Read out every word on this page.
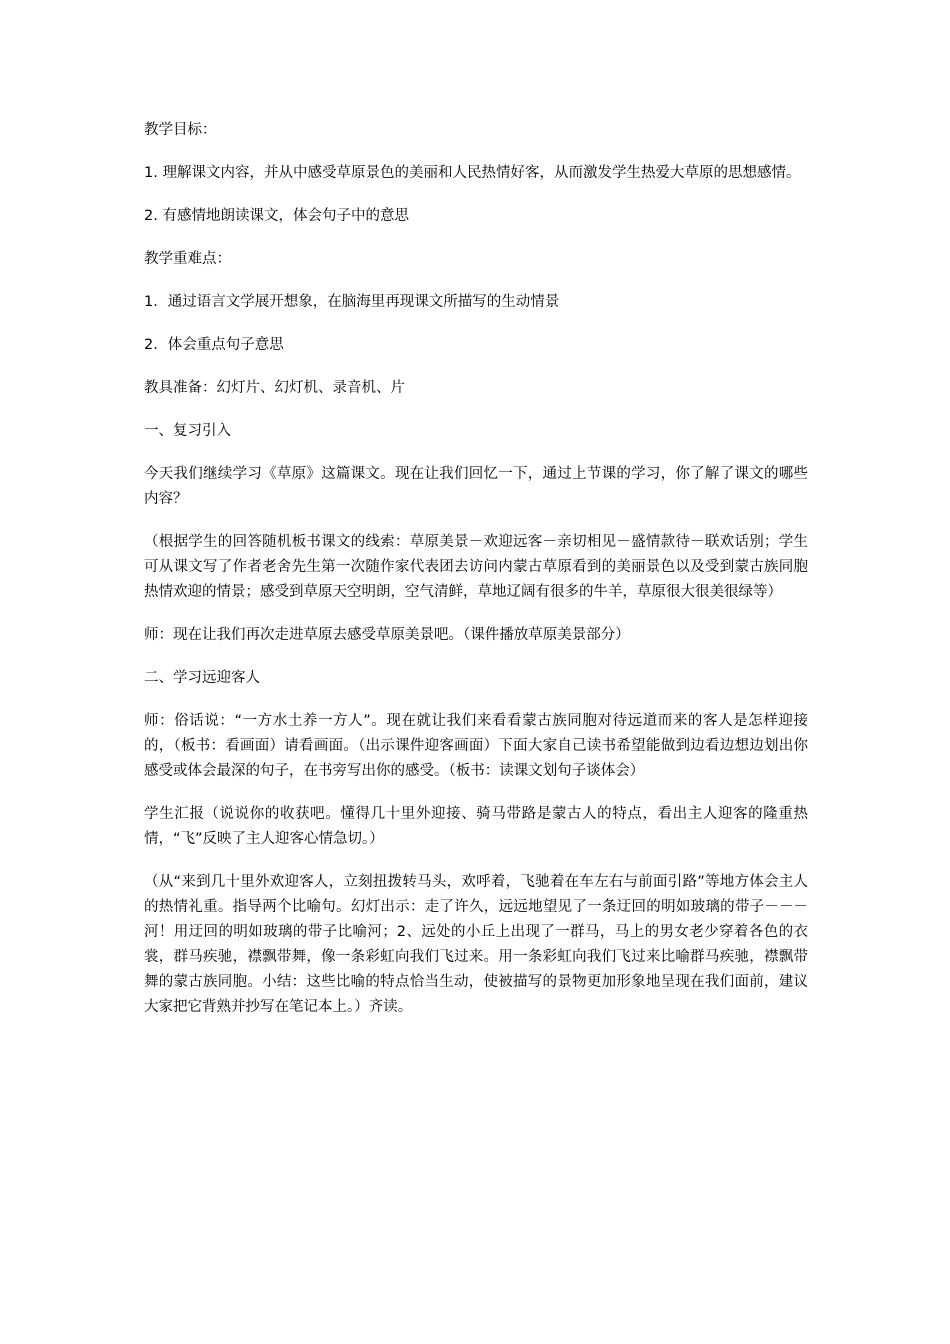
教学目标：

1. 理解课文内容，并从中感受草原景色的美丽和人民热情好客，从而激发学生热爱大草原的思想感情。

2. 有感情地朗读课文，体会句子中的意思

教学重难点：

1．通过语言文学展开想象，在脑海里再现课文所描写的生动情景

2．体会重点句子意思

教具准备：幻灯片、幻灯机、录音机、片

一、复习引入

今天我们继续学习《草原》这篇课文。现在让我们回忆一下，通过上节课的学习，你了解了课文的哪些内容？

（根据学生的回答随机板书课文的线索：草原美景－欢迎远客－亲切相见－盛情款待－联欢话别；学生可从课文写了作者老舍先生第一次随作家代表团去访问内蒙古草原看到的美丽景色以及受到蒙古族同胞热情欢迎的情景；感受到草原天空明朗，空气清鲜，草地辽阔有很多的牛羊，草原很大很美很绿等）

师：现在让我们再次走进草原去感受草原美景吧。（课件播放草原美景部分）

二、学习远迎客人

师：俗话说：“一方水土养一方人”。现在就让我们来看看蒙古族同胞对待远道而来的客人是怎样迎接的，（板书：看画面）请看画面。（出示课件迎客画面）下面大家自己读书希望能做到边看边想边划出你感受或体会最深的句子，在书旁写出你的感受。（板书：读课文划句子谈体会）

学生汇报（说说你的收获吧。懂得几十里外迎接、骑马带路是蒙古人的特点，看出主人迎客的隆重热情，“飞”反映了主人迎客心情急切。）

（从“来到几十里外欢迎客人，立刻扭拨转马头，欢呼着，飞驰着在车左右与前面引路”等地方体会主人的热情礼重。指导两个比喻句。幻灯出示：走了许久，远远地望见了一条迂回的明如玻璃的带子－－－河！用迂回的明如玻璃的带子比喻河；2、远处的小丘上出现了一群马，马上的男女老少穿着各色的衣裳，群马疾驰，襟飘带舞，像一条彩虹向我们飞过来。用一条彩虹向我们飞过来比喻群马疾驰，襟飘带舞的蒙古族同胞。小结：这些比喻的特点恰当生动，使被描写的景物更加形象地呈现在我们面前，建议大家把它背熟并抄写在笔记本上。）齐读。
